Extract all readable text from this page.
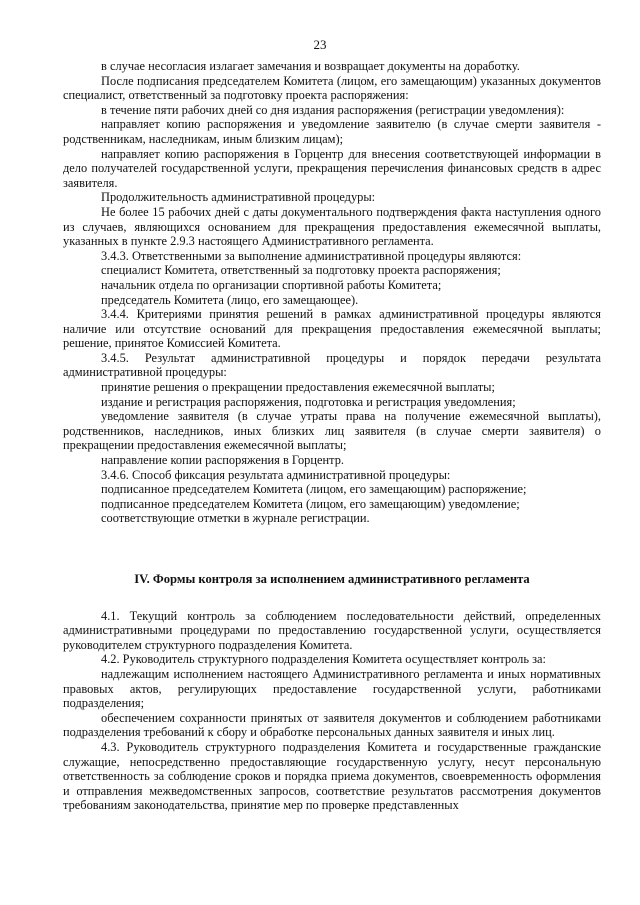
23

в случае несогласия излагает замечания и возвращает документы на доработку.

После подписания председателем Комитета (лицом, его замещающим) указанных документов специалист, ответственный за подготовку проекта распоряжения:

в течение пяти рабочих дней со дня издания распоряжения (регистрации уведомления):

направляет копию распоряжения и уведомление заявителю (в случае смерти заявителя - родственникам, наследникам, иным близким лицам);

направляет копию распоряжения в Горцентр для внесения соответствующей информации в дело получателей государственной услуги, прекращения перечисления финансовых средств в адрес заявителя.

Продолжительность административной процедуры:

Не более 15 рабочих дней с даты документального подтверждения факта наступления одного из случаев, являющихся основанием для прекращения предоставления ежемесячной выплаты, указанных в пункте 2.9.3 настоящего Административного регламента.

3.4.3. Ответственными за выполнение административной процедуры являются:

специалист Комитета, ответственный за подготовку проекта распоряжения;

начальник отдела по организации спортивной работы Комитета;

председатель Комитета (лицо, его замещающее).

3.4.4. Критериями принятия решений в рамках административной процедуры являются наличие или отсутствие оснований для прекращения предоставления ежемесячной выплаты; решение, принятое Комиссией Комитета.

3.4.5. Результат административной процедуры и порядок передачи результата административной процедуры:

принятие решения о прекращении предоставления ежемесячной выплаты;

издание и регистрация распоряжения, подготовка и регистрация уведомления;

уведомление заявителя (в случае утраты права на получение ежемесячной выплаты), родственников, наследников, иных близких лиц заявителя (в случае смерти заявителя) о прекращении предоставления ежемесячной выплаты;

направление копии распоряжения в Горцентр.

3.4.6. Способ фиксация результата административной процедуры:

подписанное председателем Комитета (лицом, его замещающим) распоряжение;

подписанное председателем Комитета (лицом, его замещающим) уведомление;

соответствующие отметки в журнале регистрации.

IV. Формы контроля за исполнением административного регламента

4.1. Текущий контроль за соблюдением последовательности действий, определенных административными процедурами по предоставлению государственной услуги, осуществляется руководителем структурного подразделения Комитета.

4.2. Руководитель структурного подразделения Комитета осуществляет контроль за:

надлежащим исполнением настоящего Административного регламента и иных нормативных правовых актов, регулирующих предоставление государственной услуги, работниками подразделения;

обеспечением сохранности принятых от заявителя документов и соблюдением работниками подразделения требований к сбору и обработке персональных данных заявителя и иных лиц.

4.3. Руководитель структурного подразделения Комитета и государственные гражданские служащие, непосредственно предоставляющие государственную услугу, несут персональную ответственность за соблюдение сроков и порядка приема документов, своевременность оформления и отправления межведомственных запросов, соответствие результатов рассмотрения документов требованиям законодательства, принятие мер по проверке представленных
